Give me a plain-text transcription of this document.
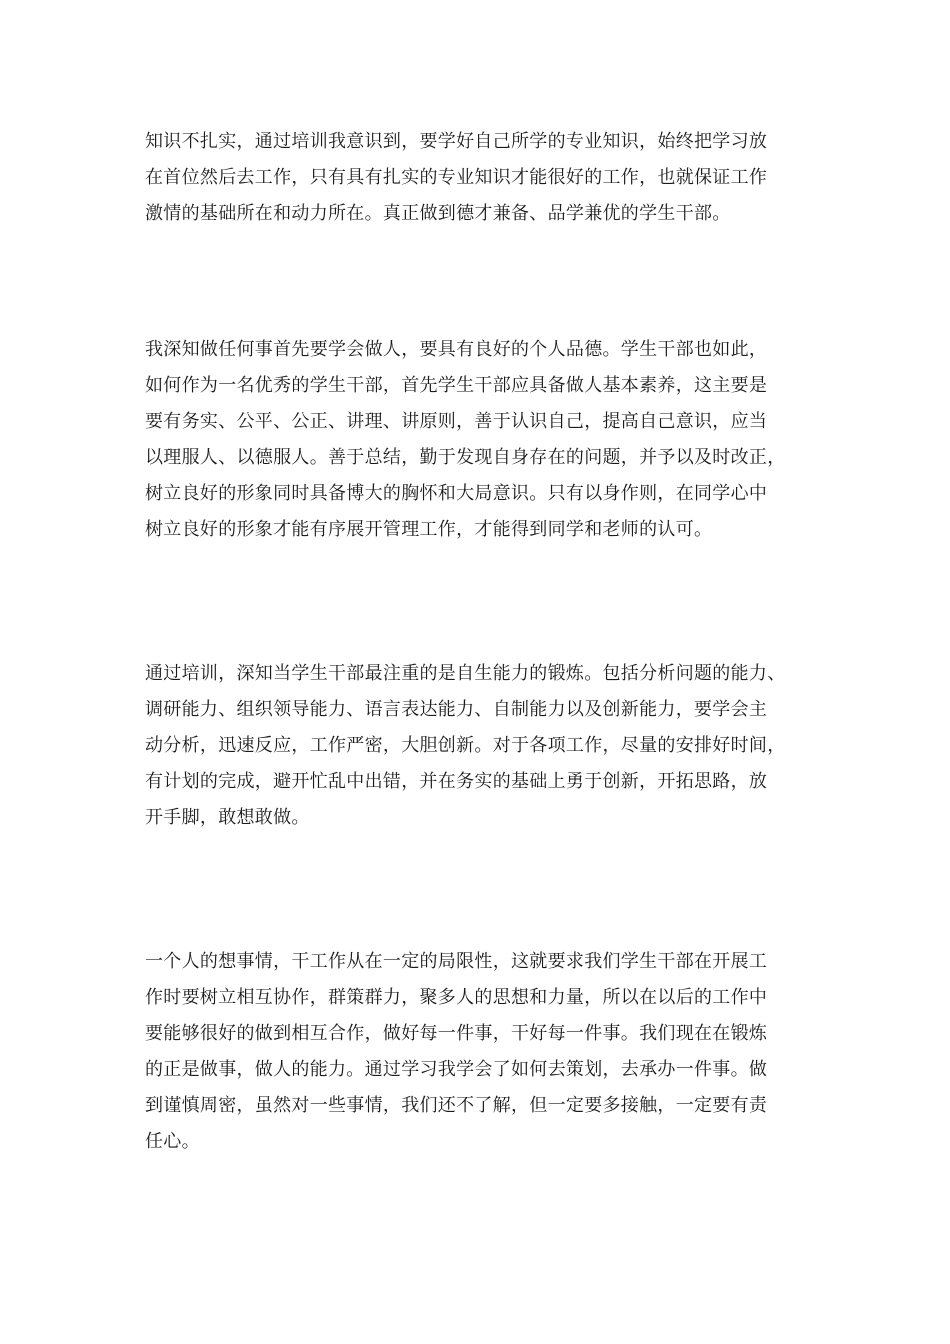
知识不扎实，通过培训我意识到，要学好自己所学的专业知识，始终把学习放
在首位然后去工作，只有具有扎实的专业知识才能很好的工作，也就保证工作
激情的基础所在和动力所在。真正做到德才兼备、品学兼优的学生干部。
我深知做任何事首先要学会做人，要具有良好的个人品德。学生干部也如此，
如何作为一名优秀的学生干部，首先学生干部应具备做人基本素养，这主要是
要有务实、公平、公正、讲理、讲原则，善于认识自己，提高自己意识，应当
以理服人、以德服人。善于总结，勤于发现自身存在的问题，并予以及时改正，
树立良好的形象同时具备博大的胸怀和大局意识。只有以身作则，在同学心中
树立良好的形象才能有序展开管理工作，才能得到同学和老师的认可。
通过培训，深知当学生干部最注重的是自生能力的锻炼。包括分析问题的能力、
调研能力、组织领导能力、语言表达能力、自制能力以及创新能力，要学会主
动分析，迅速反应，工作严密，大胆创新。对于各项工作，尽量的安排好时间，
有计划的完成，避开忙乱中出错，并在务实的基础上勇于创新，开拓思路，放
开手脚，敢想敢做。
一个人的想事情，干工作从在一定的局限性，这就要求我们学生干部在开展工
作时要树立相互协作，群策群力，聚多人的思想和力量，所以在以后的工作中
要能够很好的做到相互合作，做好每一件事，干好每一件事。我们现在在锻炼
的正是做事，做人的能力。通过学习我学会了如何去策划，去承办一件事。做
到谨慎周密，虽然对一些事情，我们还不了解，但一定要多接触，一定要有责
任心。
